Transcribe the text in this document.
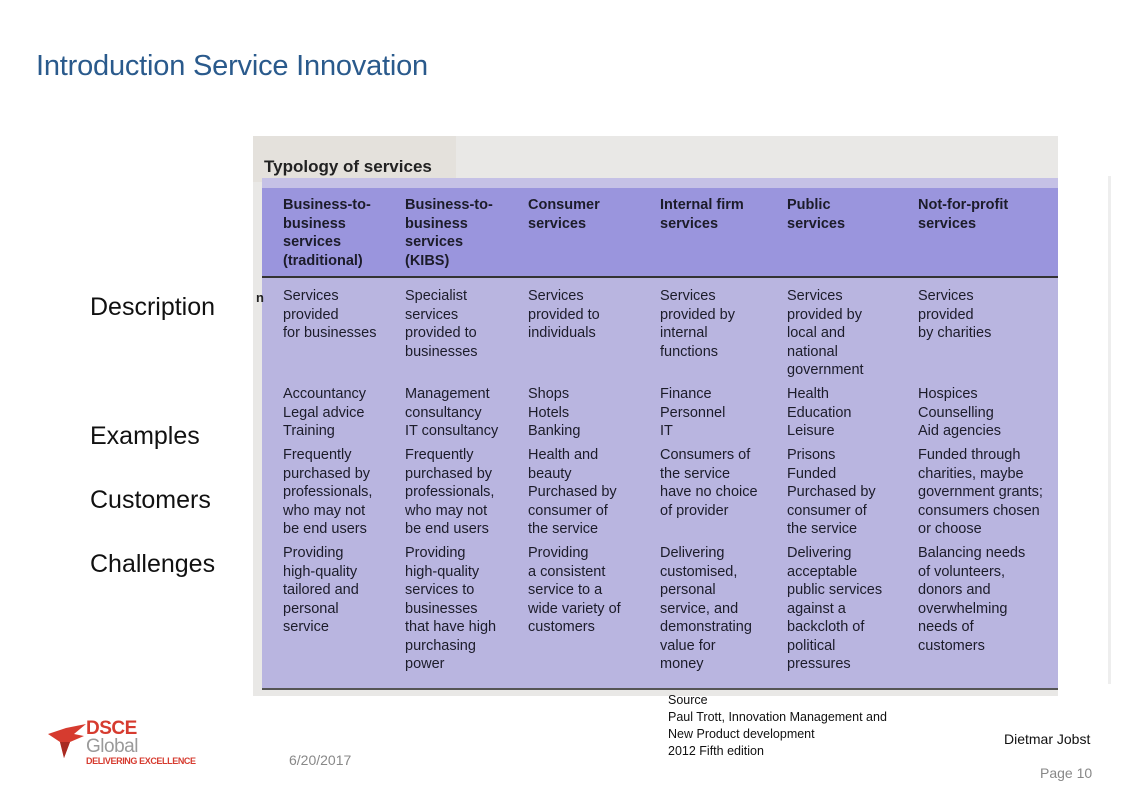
Introduction Service Innovation
Description
Examples
Customers
Challenges
Typology of services
Business-to-
business
services
(traditional)
Business-to-
business
services
(KIBS)
Consumer
services
Internal firm
services
Public
services
Not-for-profit
services
Services
provided
for businesses
Specialist
services
provided to
businesses
Services
provided to
individuals
Services
provided by
internal
functions
Services
provided by
local and
national
government
Services
provided
by charities
Accountancy
Legal advice
Training
Management
consultancy
IT consultancy
Shops
Hotels
Banking
Finance
Personnel
IT
Health
Education
Leisure
Hospices
Counselling
Aid agencies
Frequently
purchased by
professionals,
who may not
be end users
Frequently
purchased by
professionals,
who may not
be end users
Health and
beauty
Purchased by
consumer of
the service
Consumers of
the service
have no choice
of provider
Prisons
Funded
Purchased by
consumer of
the service
Funded through
charities, maybe
government grants;
consumers chosen
or choose
Providing
high-quality
tailored and
personal
service
Providing
high-quality
services to
businesses
that have high
purchasing
power
Providing
a consistent
service to a
wide variety of
customers
Delivering
customised,
personal
service, and
demonstrating
value for
money
Delivering
acceptable
public services
against a
backcloth of
political
pressures
Balancing needs
of volunteers,
donors and
overwhelming
needs of
customers
n
Source
Paul Trott, Innovation Management and
New Product development
2012 Fifth edition
Dietmar Jobst
Page 10
6/20/2017
DSCE
Global
DELIVERING EXCELLENCE
